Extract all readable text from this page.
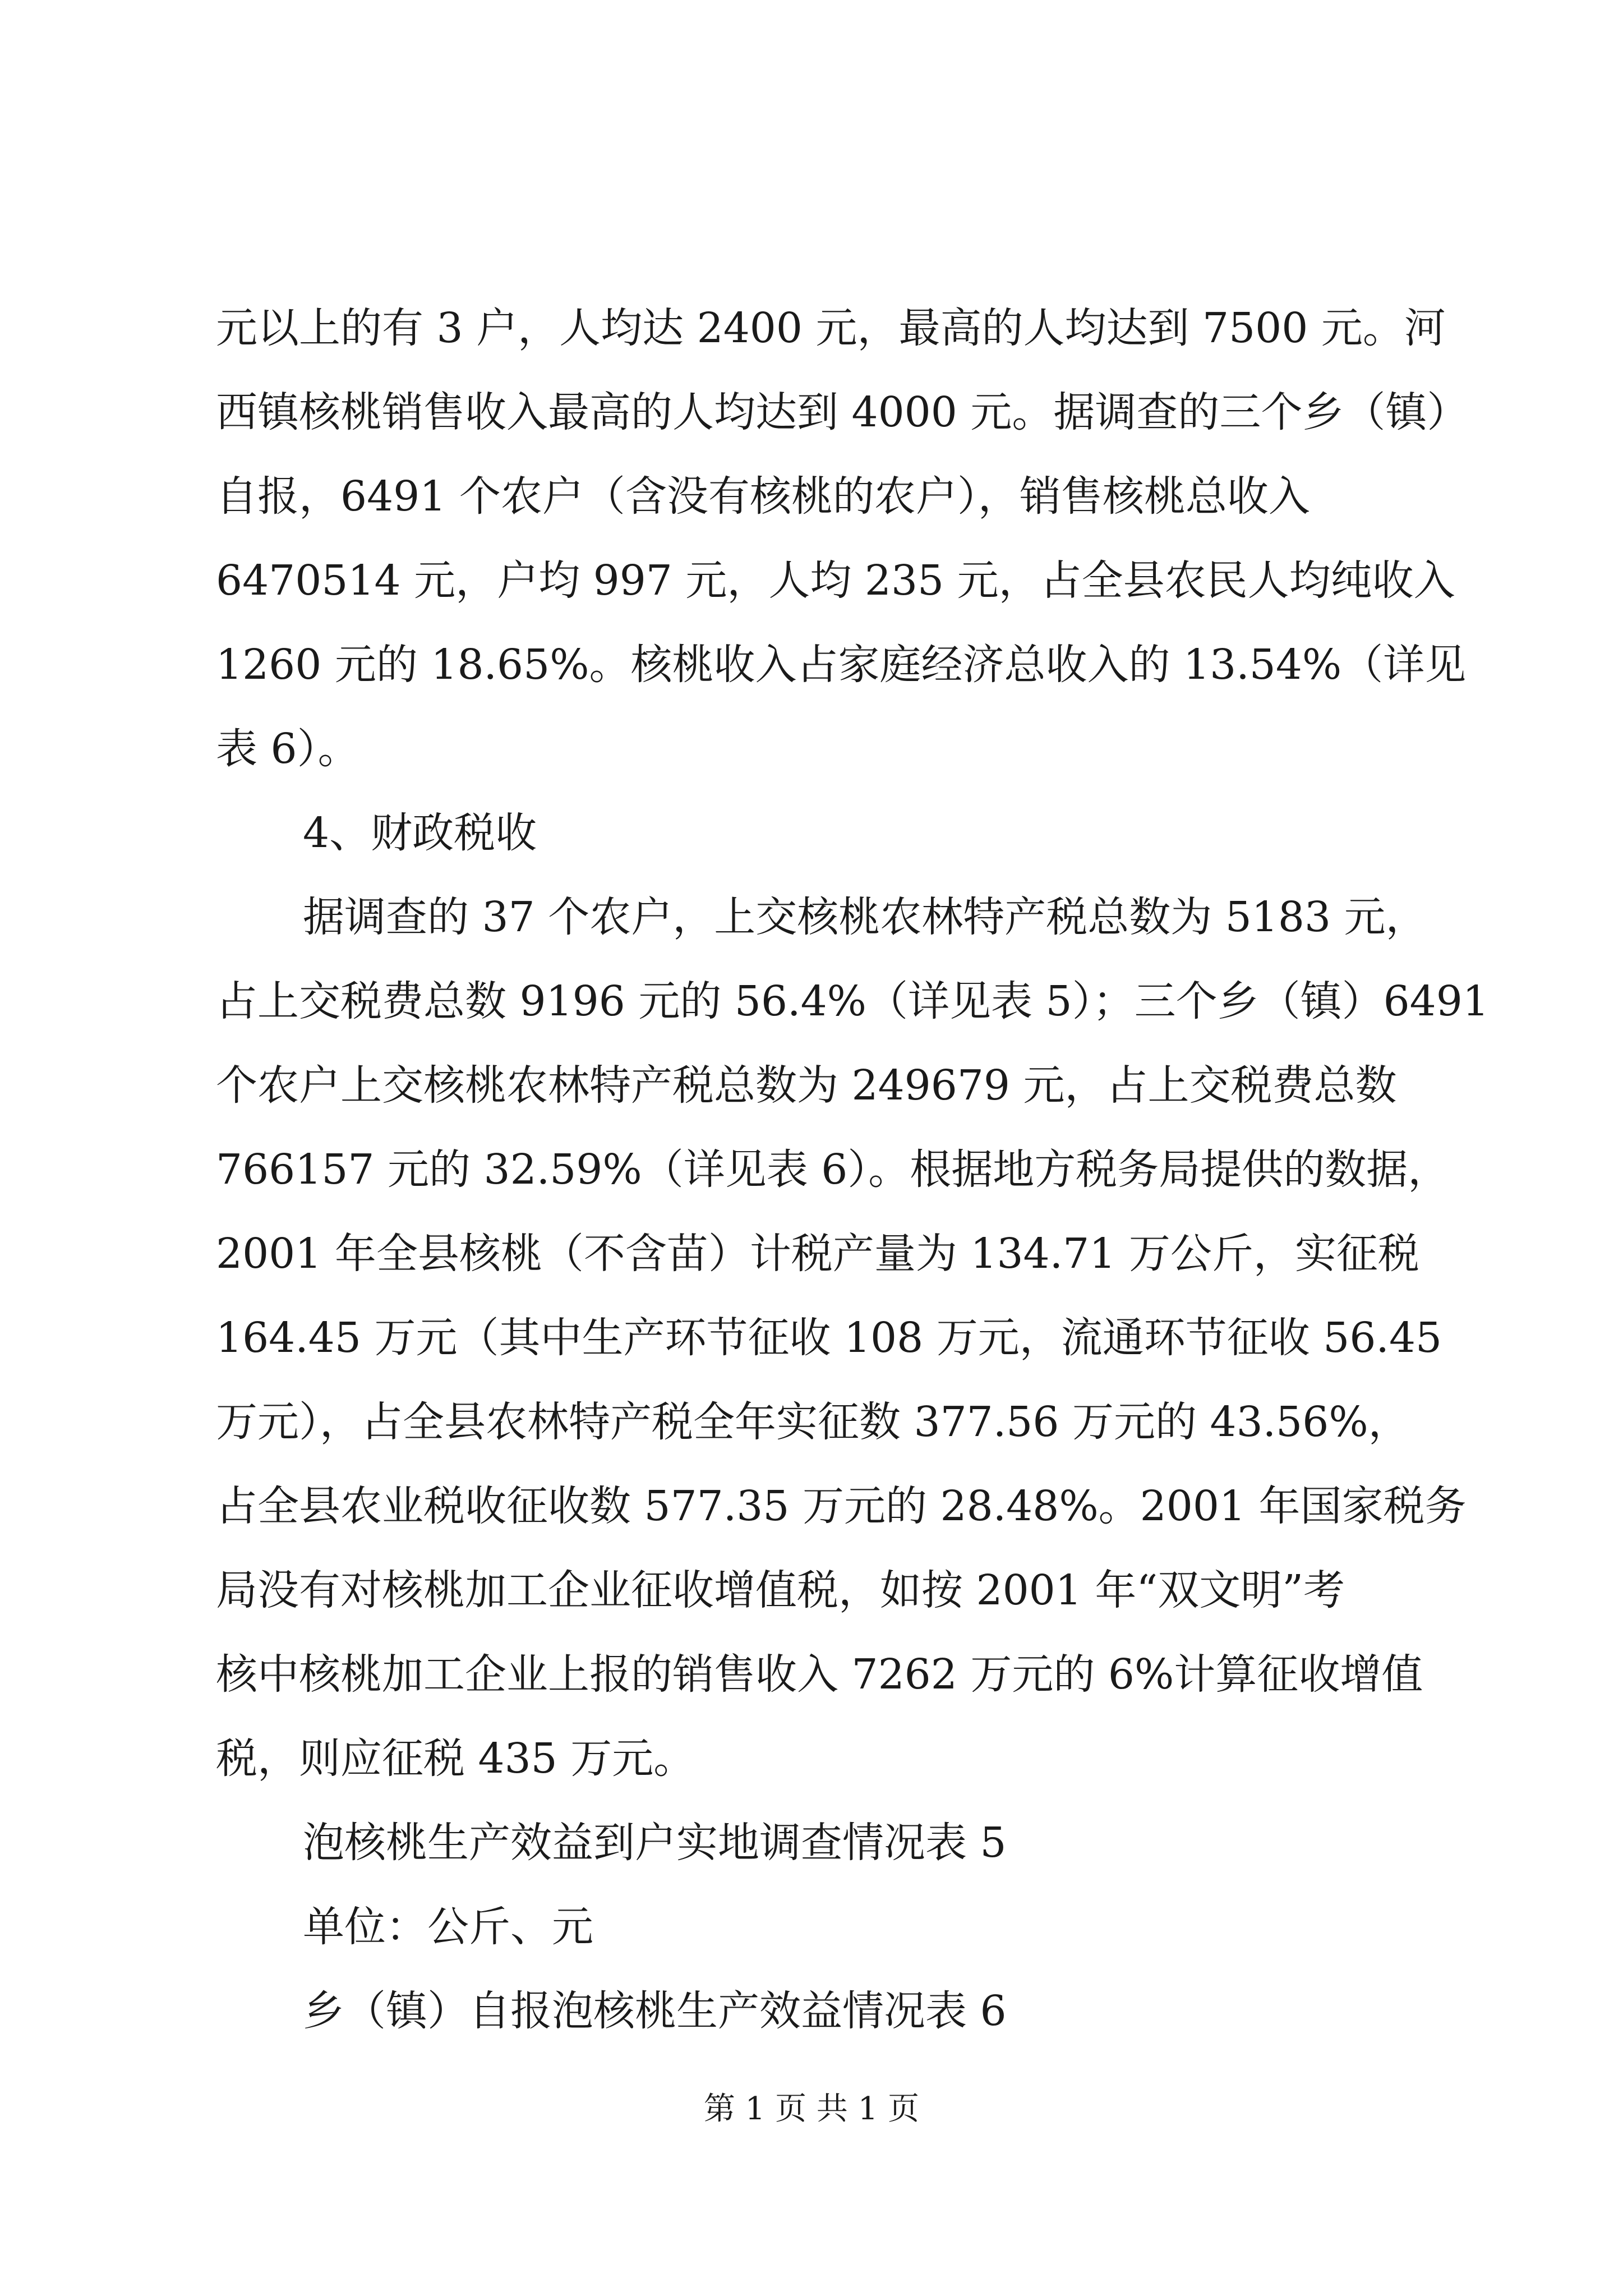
元以上的有 3 户，人均达 2400 元，最高的人均达到 7500 元。河
西镇核桃销售收入最高的人均达到 4000 元。据调查的三个乡（镇）
自报，6491 个农户（含没有核桃的农户），销售核桃总收入
6470514 元，户均 997 元，人均 235 元，占全县农民人均纯收入
1260 元的 18.65%。核桃收入占家庭经济总收入的 13.54%（详见
表 6）。
4、财政税收
据调查的 37 个农户，上交核桃农林特产税总数为 5183 元，
占上交税费总数 9196 元的 56.4%（详见表 5）；三个乡（镇）6491
个农户上交核桃农林特产税总数为 249679 元，占上交税费总数
766157 元的 32.59%（详见表 6）。根据地方税务局提供的数据，
2001 年全县核桃（不含苗）计税产量为 134.71 万公斤，实征税
164.45 万元（其中生产环节征收 108 万元，流通环节征收 56.45
万元），占全县农林特产税全年实征数 377.56 万元的 43.56%，
占全县农业税收征收数 577.35 万元的 28.48%。2001 年国家税务
局没有对核桃加工企业征收增值税，如按 2001 年“双文明”考
核中核桃加工企业上报的销售收入 7262 万元的 6%计算征收增值
税，则应征税 435 万元。
泡核桃生产效益到户实地调查情况表 5
单位：公斤、元
乡（镇）自报泡核桃生产效益情况表 6
第 1 页 共 1 页
